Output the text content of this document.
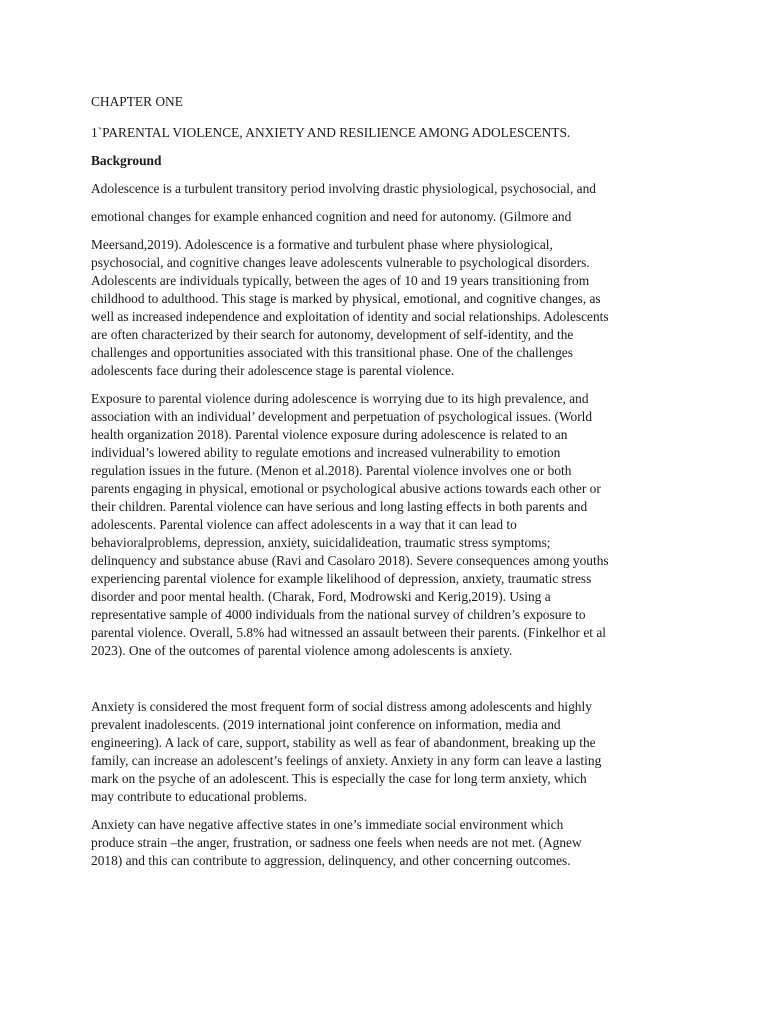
CHAPTER ONE
1`PARENTAL VIOLENCE, ANXIETY AND RESILIENCE AMONG ADOLESCENTS.
Background
Adolescence is a turbulent transitory period involving drastic physiological, psychosocial, and
emotional changes for example enhanced cognition and need for autonomy. (Gilmore and
Meersand,2019). Adolescence is a formative and turbulent phase where physiological,
psychosocial, and cognitive changes leave adolescents vulnerable to psychological disorders.
Adolescents are individuals typically, between the ages of 10 and 19 years transitioning from
childhood to adulthood. This stage is marked by physical, emotional, and cognitive changes, as
well as increased independence and exploitation of identity and social relationships. Adolescents
are often characterized by their search for autonomy, development of self-identity, and the
challenges and opportunities associated with this transitional phase. One of the challenges
adolescents face during their adolescence stage is parental violence.
Exposure to parental violence during adolescence is worrying due to its high prevalence, and
association with an individual’ development and perpetuation of psychological issues. (World
health organization 2018). Parental violence exposure during adolescence is related to an
individual’s lowered ability to regulate emotions and increased vulnerability to emotion
regulation issues in the future. (Menon et al.2018). Parental violence involves one or both
parents engaging in physical, emotional or psychological abusive actions towards each other or
their children. Parental violence can have serious and long lasting effects in both parents and
adolescents. Parental violence can affect adolescents in a way that it can lead to
behavioralproblems, depression, anxiety, suicidalideation, traumatic stress symptoms;
delinquency and substance abuse (Ravi and Casolaro 2018). Severe consequences among youths
experiencing parental violence for example likelihood of depression, anxiety, traumatic stress
disorder and poor mental health. (Charak, Ford, Modrowski and Kerig,2019). Using a
representative sample of 4000 individuals from the national survey of children’s exposure to
parental violence. Overall, 5.8% had witnessed an assault between their parents. (Finkelhor et al
2023). One of the outcomes of parental violence among adolescents is anxiety.
Anxiety is considered the most frequent form of social distress among adolescents and highly
prevalent inadolescents. (2019 international joint conference on information, media and
engineering). A lack of care, support, stability as well as fear of abandonment, breaking up the
family, can increase an adolescent’s feelings of anxiety. Anxiety in any form can leave a lasting
mark on the psyche of an adolescent. This is especially the case for long term anxiety, which
may contribute to educational problems.
Anxiety can have negative affective states in one’s immediate social environment which
produce strain –the anger, frustration, or sadness one feels when needs are not met. (Agnew
2018) and this can contribute to aggression, delinquency, and other concerning outcomes.
